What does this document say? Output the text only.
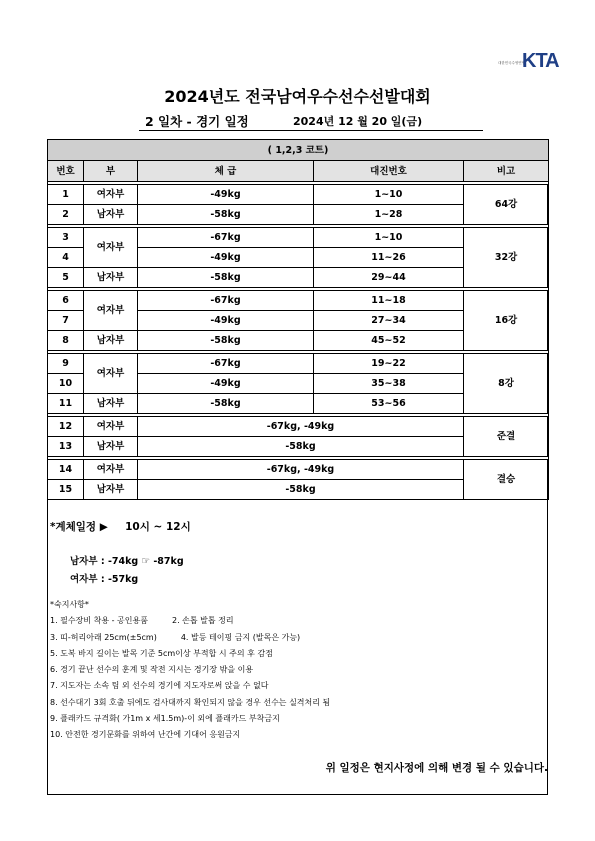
대한민국수영연맹
KTA
2024년도 전국남여우수선수선발대회
2 일차 - 경기 일정	2024년 12 월 20 일(금)
( 1,2,3 코트)				
번호	부	체 급	대진번호	비고

1	여자부	-49kg	1~10	64강
2	남자부	-58kg	1~28	

3	여자부	-67kg	1~10	32강
4		-49kg	11~26	
5	남자부	-58kg	29~44	

6	여자부	-67kg	11~18	16강
7		-49kg	27~34	
8	남자부	-58kg	45~52	

9	여자부	-67kg	19~22	8강
10		-49kg	35~38	
11	남자부	-58kg	53~56	

12	여자부	-67kg, -49kg		준결
13	남자부	-58kg		

14	여자부	-67kg, -49kg		결승
15	남자부	-58kg		
*계체일정 ▶ 10시 ~ 12시
남자부 : -74kg ☞ -87kg
여자부 : -57kg
*숙지사항*
1. 필수장비 착용 - 공인용품	2. 손톱 발톱 정리
3. 띠-허리아래 25cm(±5cm)	4. 발등 테이핑 금지 (발목은 가능)
5. 도복 바지 길이는 발목 기준 5cm이상 부적합 시 주의 후 감점
6. 경기 끝난 선수의 훈계 및 작전 지시는 경기장 밖을 이용
7. 지도자는 소속 팀 외 선수의 경기에 지도자로써 앉을 수 없다
8. 선수대기 3회 호출 뒤에도 검사대까지 확인되지 않을 경우 선수는 실격처리 됨
9. 플래카드 규격화( 가1m x 세1.5m)-이 외에 플래카드 부착금지
10. 안전한 경기문화를 위하여 난간에 기대어 응원금지
위 일정은 현지사정에 의해 변경 될 수 있습니다.
